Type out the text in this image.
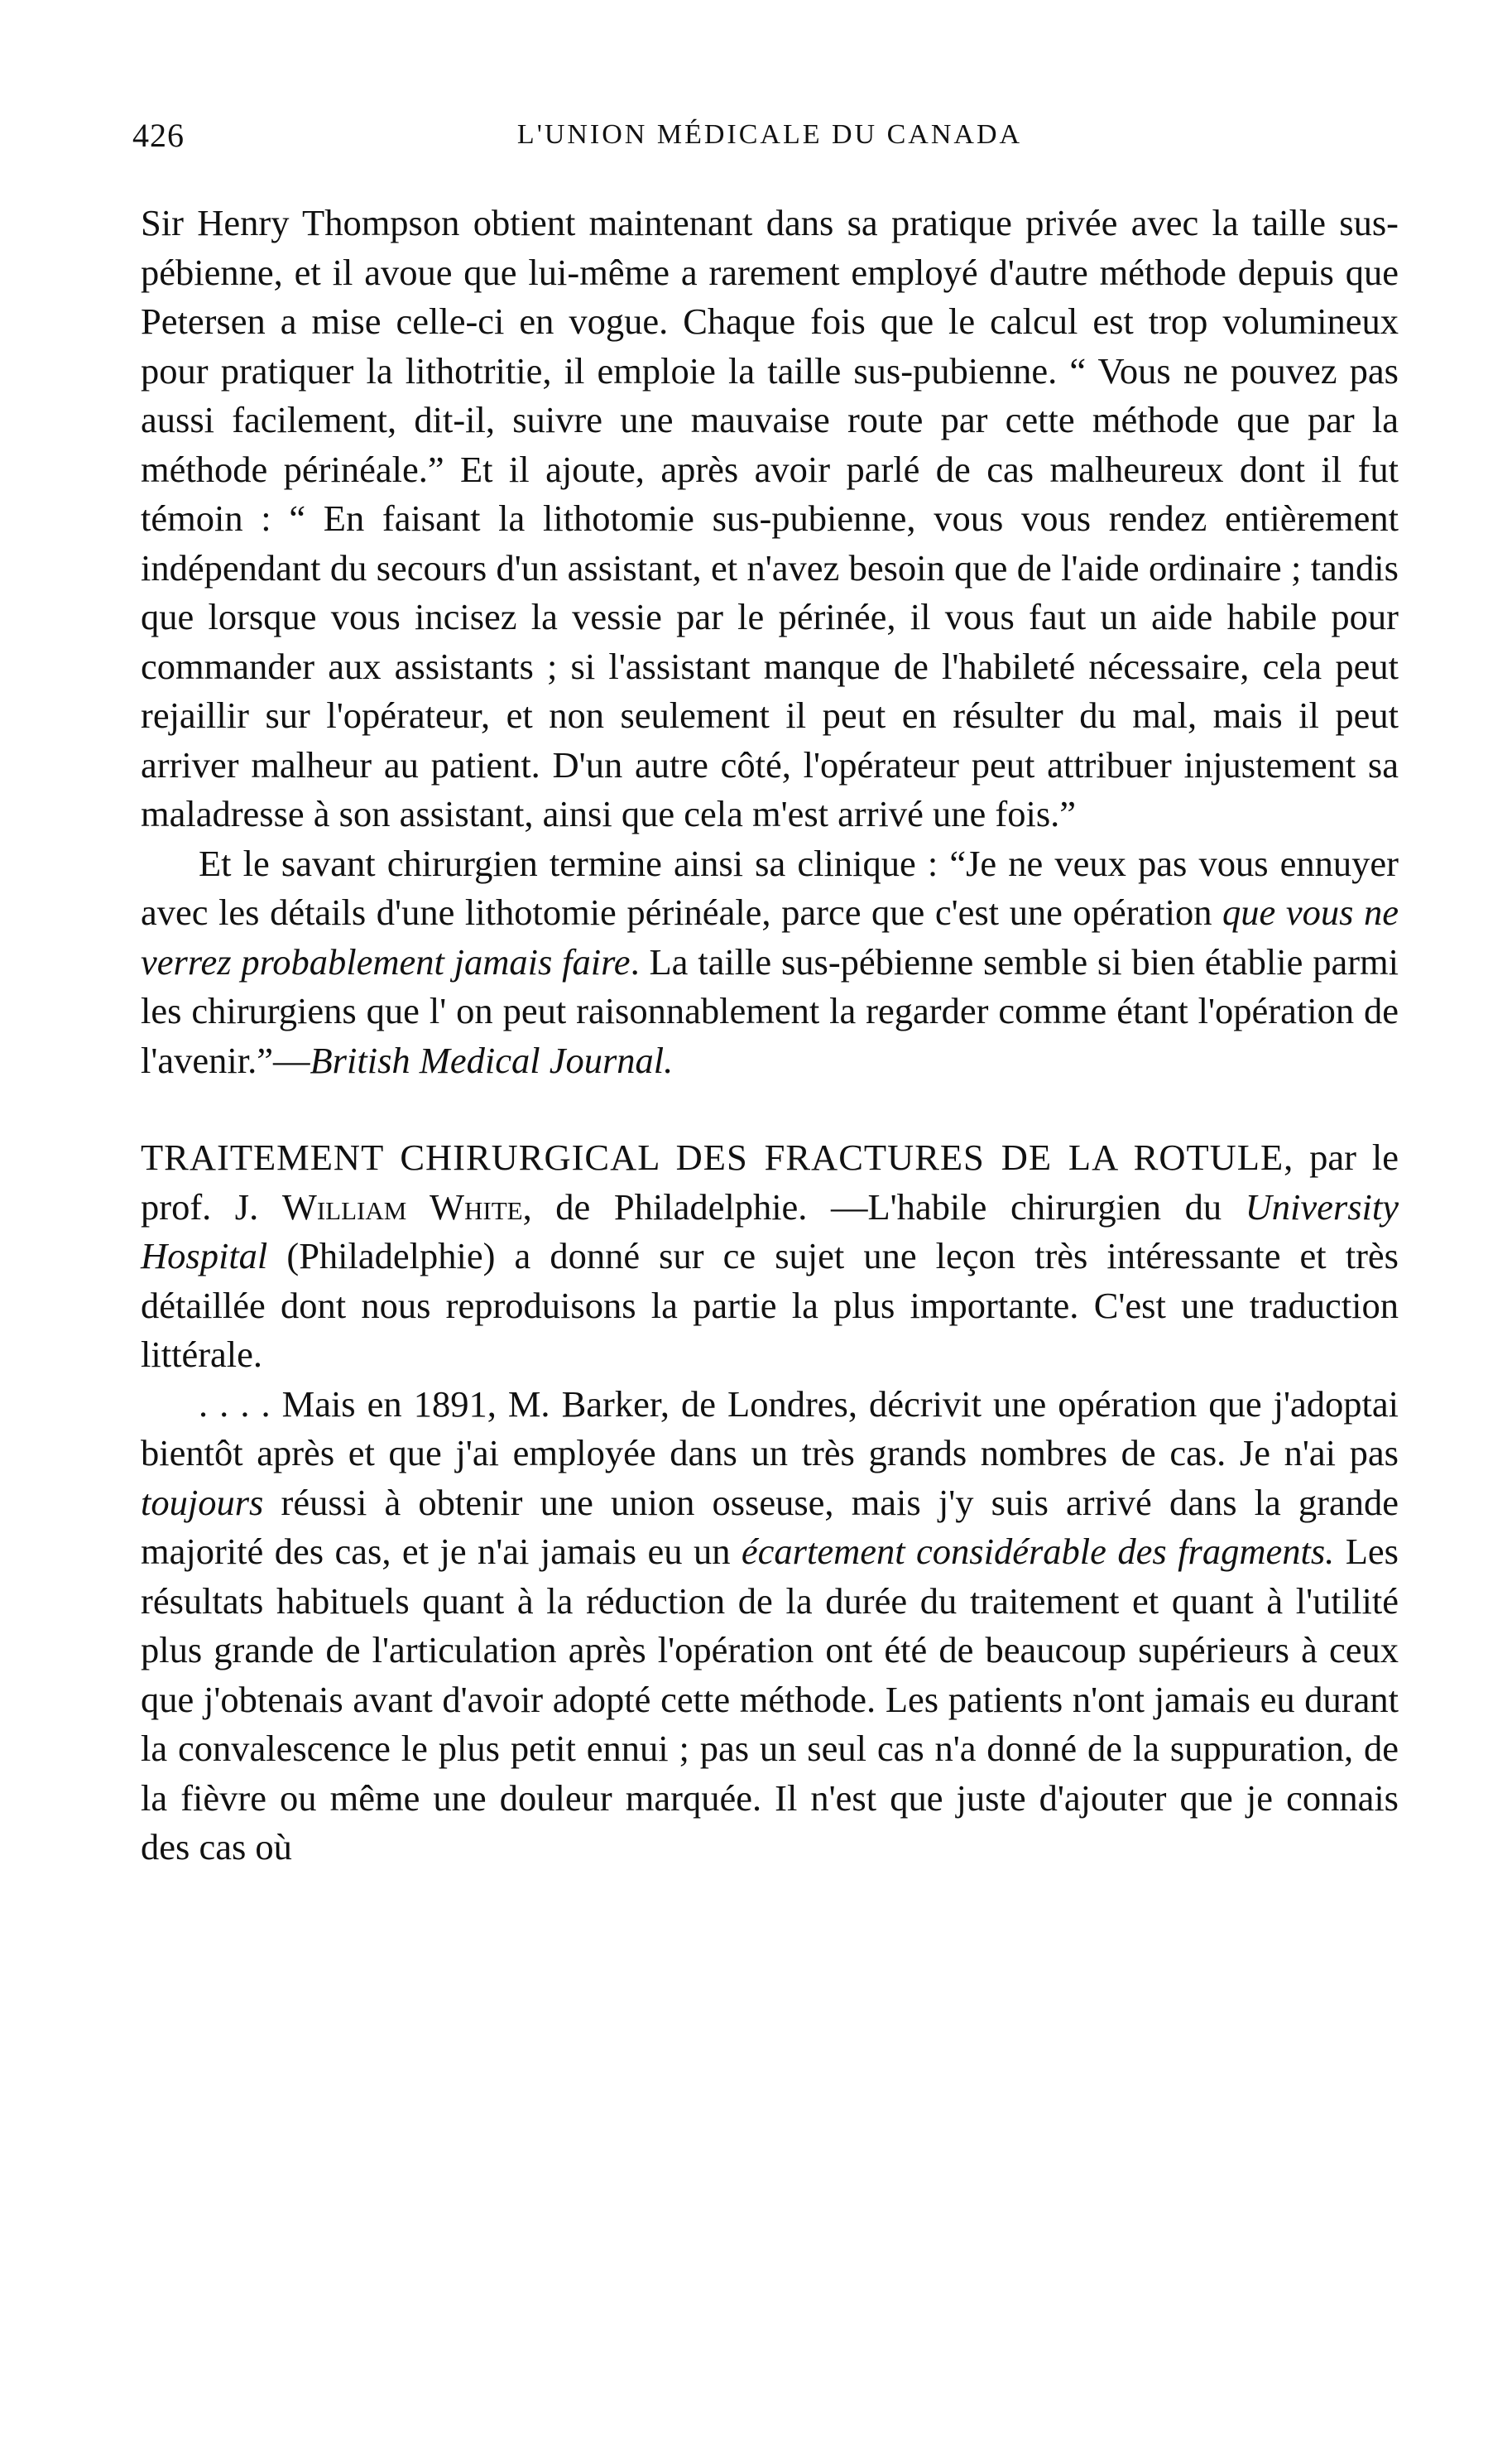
426	L'UNION MÉDICALE DU CANADA

Sir Henry Thompson obtient maintenant dans sa pratique privée avec la taille sus-pébienne, et il avoue que lui-même a rarement employé d'autre méthode depuis que Petersen a mise celle-ci en vogue. Chaque fois que le calcul est trop volumineux pour pratiquer la lithotritie, il emploie la taille sus-pubienne. “ Vous ne pouvez pas aussi facilement, dit-il, suivre une mauvaise route par cette méthode que par la méthode périnéale.” Et il ajoute, après avoir parlé de cas malheureux dont il fut témoin : “ En faisant la lithotomie sus-pubienne, vous vous rendez entièrement indépendant du secours d'un assistant, et n'avez besoin que de l'aide ordinaire ; tandis que lorsque vous incisez la vessie par le périnée, il vous faut un aide habile pour commander aux assistants ; si l'assistant manque de l'habileté nécessaire, cela peut rejaillir sur l'opérateur, et non seulement il peut en résulter du mal, mais il peut arriver malheur au patient. D'un autre côté, l'opérateur peut attribuer injustement sa maladresse à son assistant, ainsi que cela m'est arrivé une fois.”

Et le savant chirurgien termine ainsi sa clinique : “Je ne veux pas vous ennuyer avec les détails d'une lithotomie périnéale, parce que c'est une opération que vous ne verrez probablement jamais faire. La taille sus-pébienne semble si bien établie parmi les chirurgiens que l' on peut raisonnablement la regarder comme étant l'opération de l'avenir.”—British Medical Journal.

TRAITEMENT CHIRURGICAL DES FRACTURES DE LA ROTULE, par le prof. J. William White, de Philadelphie. —L'habile chirurgien du University Hospital (Philadelphie) a donné sur ce sujet une leçon très intéressante et très détaillée dont nous reproduisons la partie la plus importante. C'est une traduction littérale.

. . . . Mais en 1891, M. Barker, de Londres, décrivit une opération que j'adoptai bientôt après et que j'ai employée dans un très grands nombres de cas. Je n'ai pas toujours réussi à obtenir une union osseuse, mais j'y suis arrivé dans la grande majorité des cas, et je n'ai jamais eu un écartement considérable des fragments. Les résultats habituels quant à la réduction de la durée du traitement et quant à l'utilité plus grande de l'articulation après l'opération ont été de beaucoup supérieurs à ceux que j'obtenais avant d'avoir adopté cette méthode. Les patients n'ont jamais eu durant la convalescence le plus petit ennui ; pas un seul cas n'a donné de la suppuration, de la fièvre ou même une douleur marquée. Il n'est que juste d'ajouter que je connais des cas où
